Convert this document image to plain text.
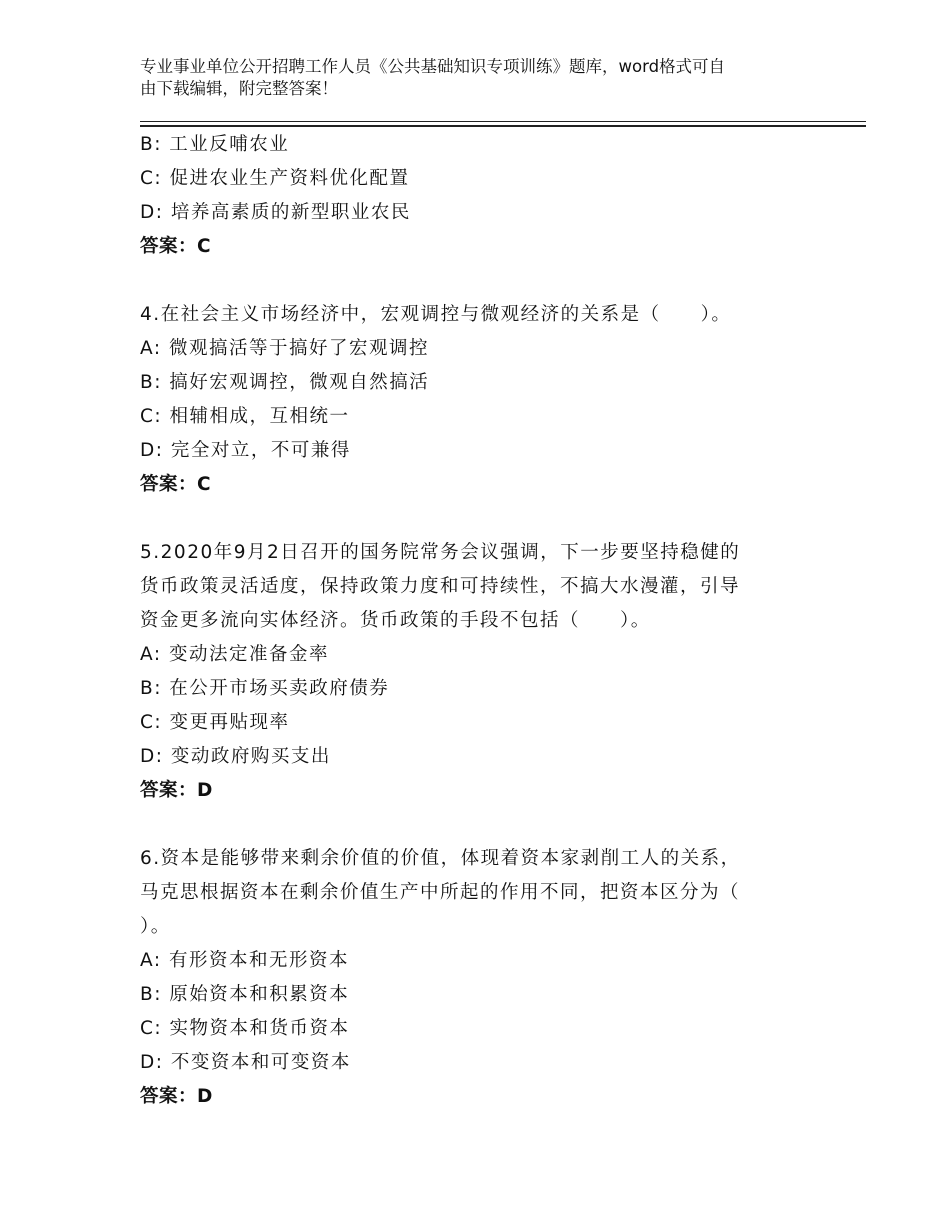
专业事业单位公开招聘工作人员《公共基础知识专项训练》题库，word格式可自
由下载编辑，附完整答案！
B: 工业反哺农业
C: 促进农业生产资料优化配置
D: 培养高素质的新型职业农民
答案：C
4.在社会主义市场经济中，宏观调控与微观经济的关系是（　　）。
A: 微观搞活等于搞好了宏观调控
B: 搞好宏观调控，微观自然搞活
C: 相辅相成，互相统一
D: 完全对立，不可兼得
答案：C
5.2020年9月2日召开的国务院常务会议强调，下一步要坚持稳健的
货币政策灵活适度，保持政策力度和可持续性，不搞大水漫灌，引导
资金更多流向实体经济。货币政策的手段不包括（　　）。
A: 变动法定准备金率
B: 在公开市场买卖政府债券
C: 变更再贴现率
D: 变动政府购买支出
答案：D
6.资本是能够带来剩余价值的价值，体现着资本家剥削工人的关系，
马克思根据资本在剩余价值生产中所起的作用不同，把资本区分为（
）。
A: 有形资本和无形资本
B: 原始资本和积累资本
C: 实物资本和货币资本
D: 不变资本和可变资本
答案：D
